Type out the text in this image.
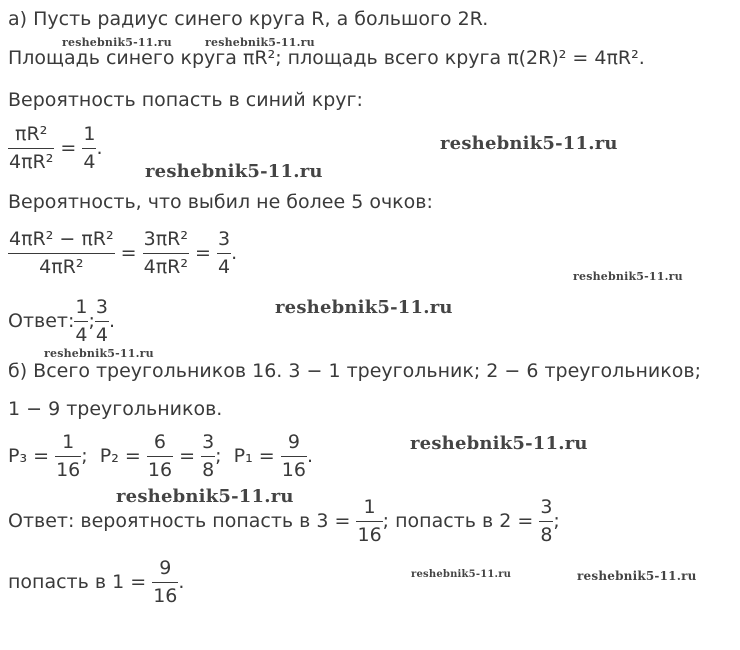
а) Пусть радиус синего круга R, а большого 2R.
Площадь синего круга πR²; площадь всего круга π(2R)² = 4πR².
Вероятность попасть в синий круг:
$\frac{\text{πR²}}{\text{4πR²}} = \frac{1}{4}$ .
Вероятность, что выбил не более 5 очков:
$\frac{\text{4πR² − πR²}}{\text{4πR²}} = \frac{\text{3πR²}}{\text{4πR²}} = \frac{3}{4}$ .
Ответ: $\frac{1}{4}$ ; $\frac{3}{4}$ .
б) Всего треугольников 16. 3 − 1 треугольник; 2 − 6 треугольников;
1 − 9 треугольников.
$P_3 = \frac{1}{16}$ ; $P_2 = \frac{6}{16} = \frac{3}{8}$ ; $P_1 = \frac{9}{16}$ .
Ответ: вероятность попасть в $3 = \frac{1}{16}$ ; попасть в $2 = \frac{3}{8}$ ;
попасть в $1 = \frac{9}{16}$ .
reshebnik5-11.ru	reshebnik5-11.ru
reshebnik5-11.ru
reshebnik5-11.ru
reshebnik5-11.ru
reshebnik5-11.ru
reshebnik5-11.ru
reshebnik5-11.ru
reshebnik5-11.ru
reshebnik5-11.ru	reshebnik5-11.ru
